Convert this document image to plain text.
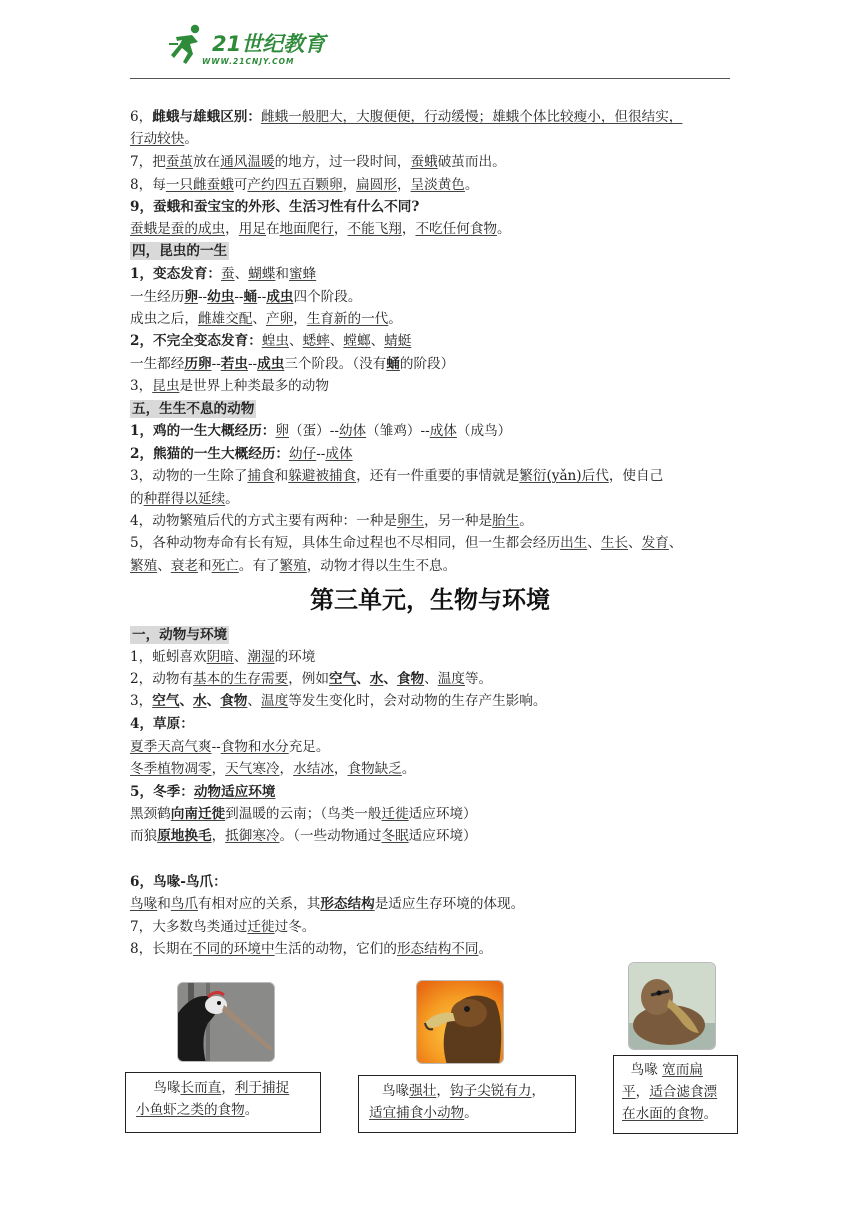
21世纪教育
WWW.21CNJY.COM
6，雌蛾与雄蛾区别：雌蛾一般肥大，大腹便便，行动缓慢；雄蛾个体比较瘦小，但很结实，
行动较快。
7，把蚕茧放在通风温暖的地方，过一段时间，蚕蛾破茧而出。
8，每一只雌蚕蛾可产约四五百颗卵，扁圆形，呈淡黄色。
9，蚕蛾和蚕宝宝的外形、生活习性有什么不同?
蚕蛾是蚕的成虫，用足在地面爬行，不能飞翔，不吃任何食物。
四，昆虫的一生
1，变态发育：蚕、蝴蝶和蜜蜂
一生经历卵--幼虫--蛹--成虫四个阶段。
成虫之后，雌雄交配、产卵，生育新的一代。
2，不完全变态发育：蝗虫、蟋蟀、螳螂、蜻蜓
一生都经历卵--若虫--成虫三个阶段。（没有蛹的阶段）
3，昆虫是世界上种类最多的动物
五，生生不息的动物
1，鸡的一生大概经历：卵（蛋）--幼体（雏鸡）--成体（成鸟）
2，熊猫的一生大概经历：幼仔--成体
3，动物的一生除了捕食和躲避被捕食，还有一件重要的事情就是繁衍(yǎn)后代，使自己
的种群得以延续。
4，动物繁殖后代的方式主要有两种：一种是卵生，另一种是胎生。
5，各种动物寿命有长有短，具体生命过程也不尽相同，但一生都会经历出生、生长、发育、
繁殖、衰老和死亡。有了繁殖，动物才得以生生不息。
第三单元，生物与环境
一，动物与环境
1，蚯蚓喜欢阴暗、潮湿的环境
2，动物有基本的生存需要，例如空气、水、食物、温度等。
3，空气、水、食物、温度等发生变化时，会对动物的生存产生影响。
4，草原：
夏季天高气爽--食物和水分充足。
冬季植物凋零，天气寒冷，水结冰，食物缺乏。
5，冬季：动物适应环境
黑颈鹤向南迁徙到温暖的云南；（鸟类一般迁徙适应环境）
而狼原地换毛，抵御寒冷。（一些动物通过冬眠适应环境）
6，鸟喙-鸟爪：
鸟喙和鸟爪有相对应的关系，其形态结构是适应生存环境的体现。
7，大多数鸟类通过迁徙过冬。
8，长期在不同的环境中生活的动物，它们的形态结构不同。
鸟喙长而直，利于捕捉
小鱼虾之类的食物。
鸟喙强壮，钩子尖锐有力，
适宜捕食小动物。
鸟喙 宽而扁
平，适合滤食漂
在水面的食物。
